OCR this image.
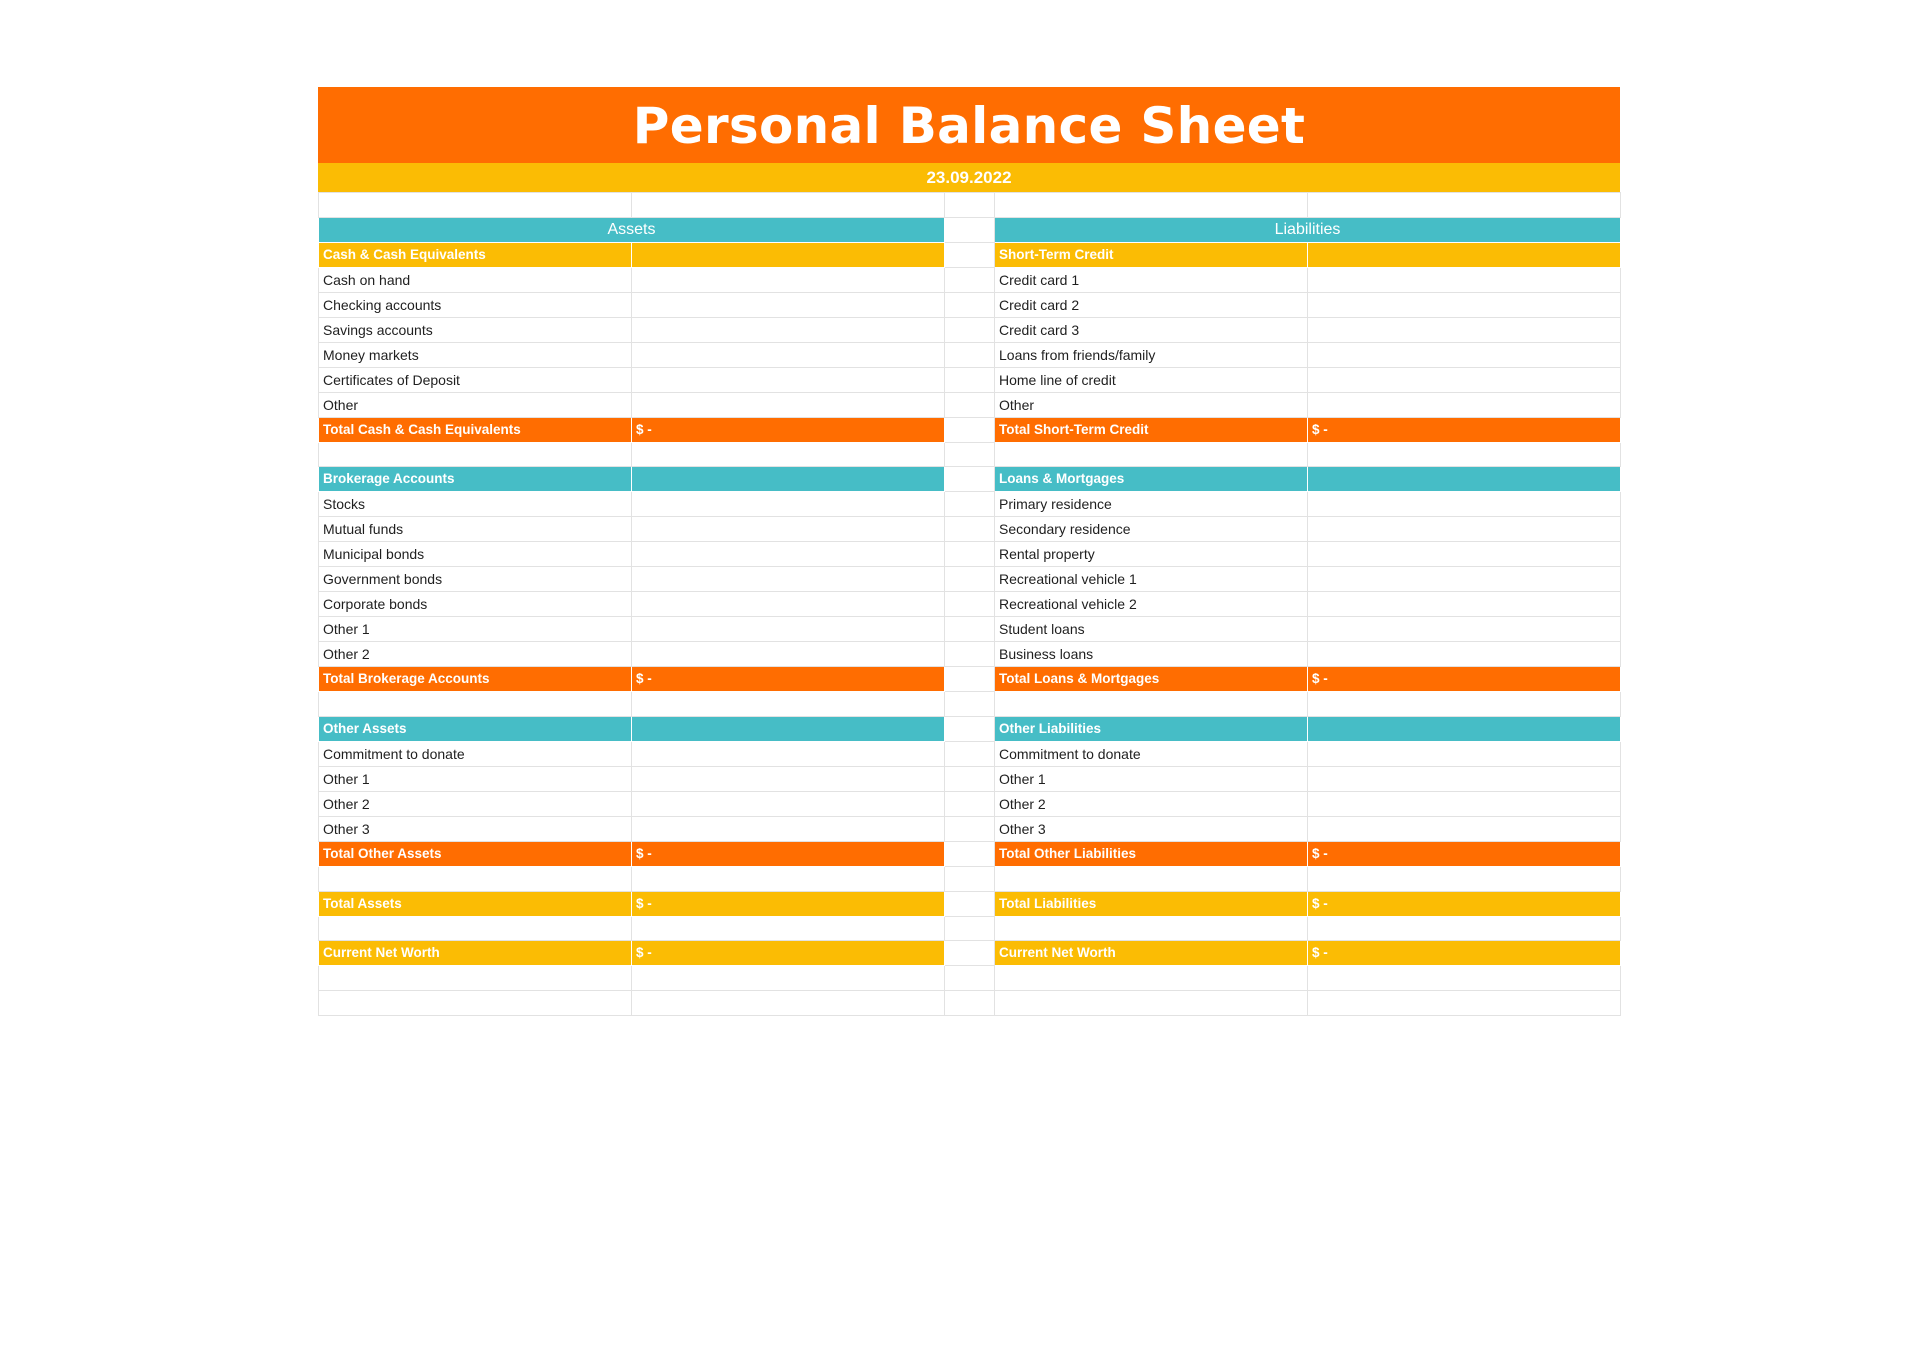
Personal Balance Sheet
23.09.2022

Assets			Liabilities	
Cash & Cash Equivalents			Short-Term Credit	
Cash on hand			Credit card 1	
Checking accounts			Credit card 2	
Savings accounts			Credit card 3	
Money markets			Loans from friends/family	
Certificates of Deposit			Home line of credit	
Other			Other	
Total Cash & Cash Equivalents	$ -		Total Short-Term Credit	$ -

Brokerage Accounts			Loans & Mortgages	
Stocks			Primary residence	
Mutual funds			Secondary residence	
Municipal bonds			Rental property	
Government bonds			Recreational vehicle 1	
Corporate bonds			Recreational vehicle 2	
Other 1			Student loans	
Other 2			Business loans	
Total Brokerage Accounts	$ -		Total Loans & Mortgages	$ -

Other Assets			Other Liabilities	
Commitment to donate			Commitment to donate	
Other 1			Other 1	
Other 2			Other 2	
Other 3			Other 3	
Total Other Assets	$ -		Total Other Liabilities	$ -

Total Assets	$ -		Total Liabilities	$ -

Current Net Worth	$ -		Current Net Worth	$ -
